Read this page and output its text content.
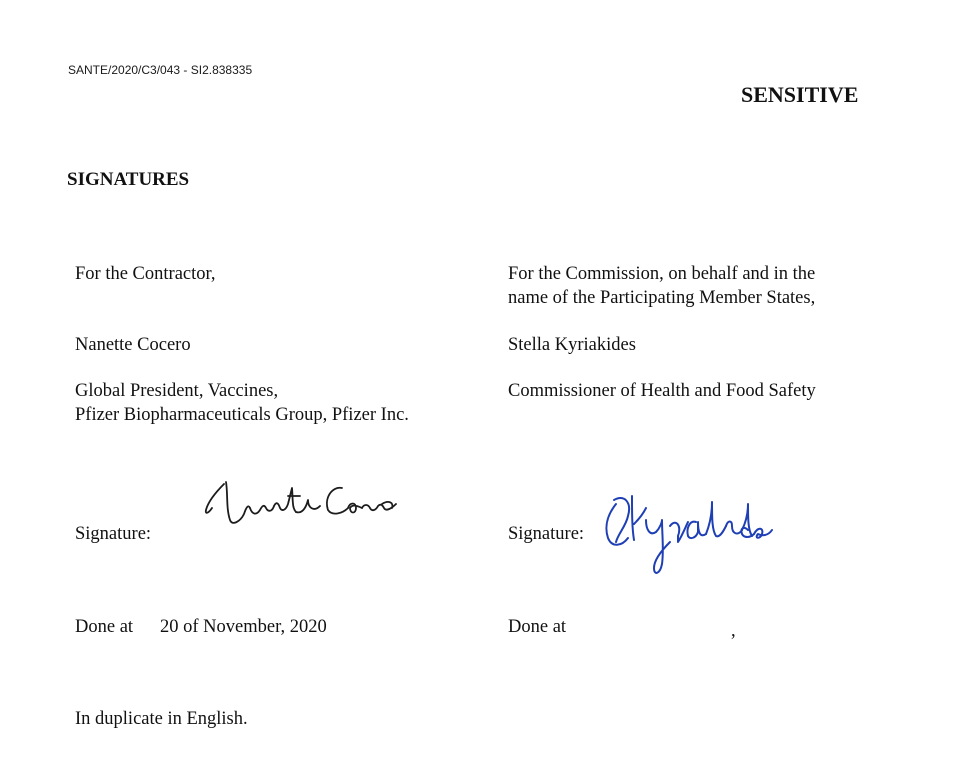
SANTE/2020/C3/043 - SI2.838335
SENSITIVE
SIGNATURES
For the Contractor,
Nanette Cocero
Global President, Vaccines,
Pfizer Biopharmaceuticals Group, Pfizer Inc.
Signature:
Nanette Cocero
Done at 20 of November, 2020
For the Commission, on behalf and in the
name of the Participating Member States,
Stella Kyriakides
Commissioner of Health and Food Safety
Signature:
SKyriakides
Done at	,
In duplicate in English.
